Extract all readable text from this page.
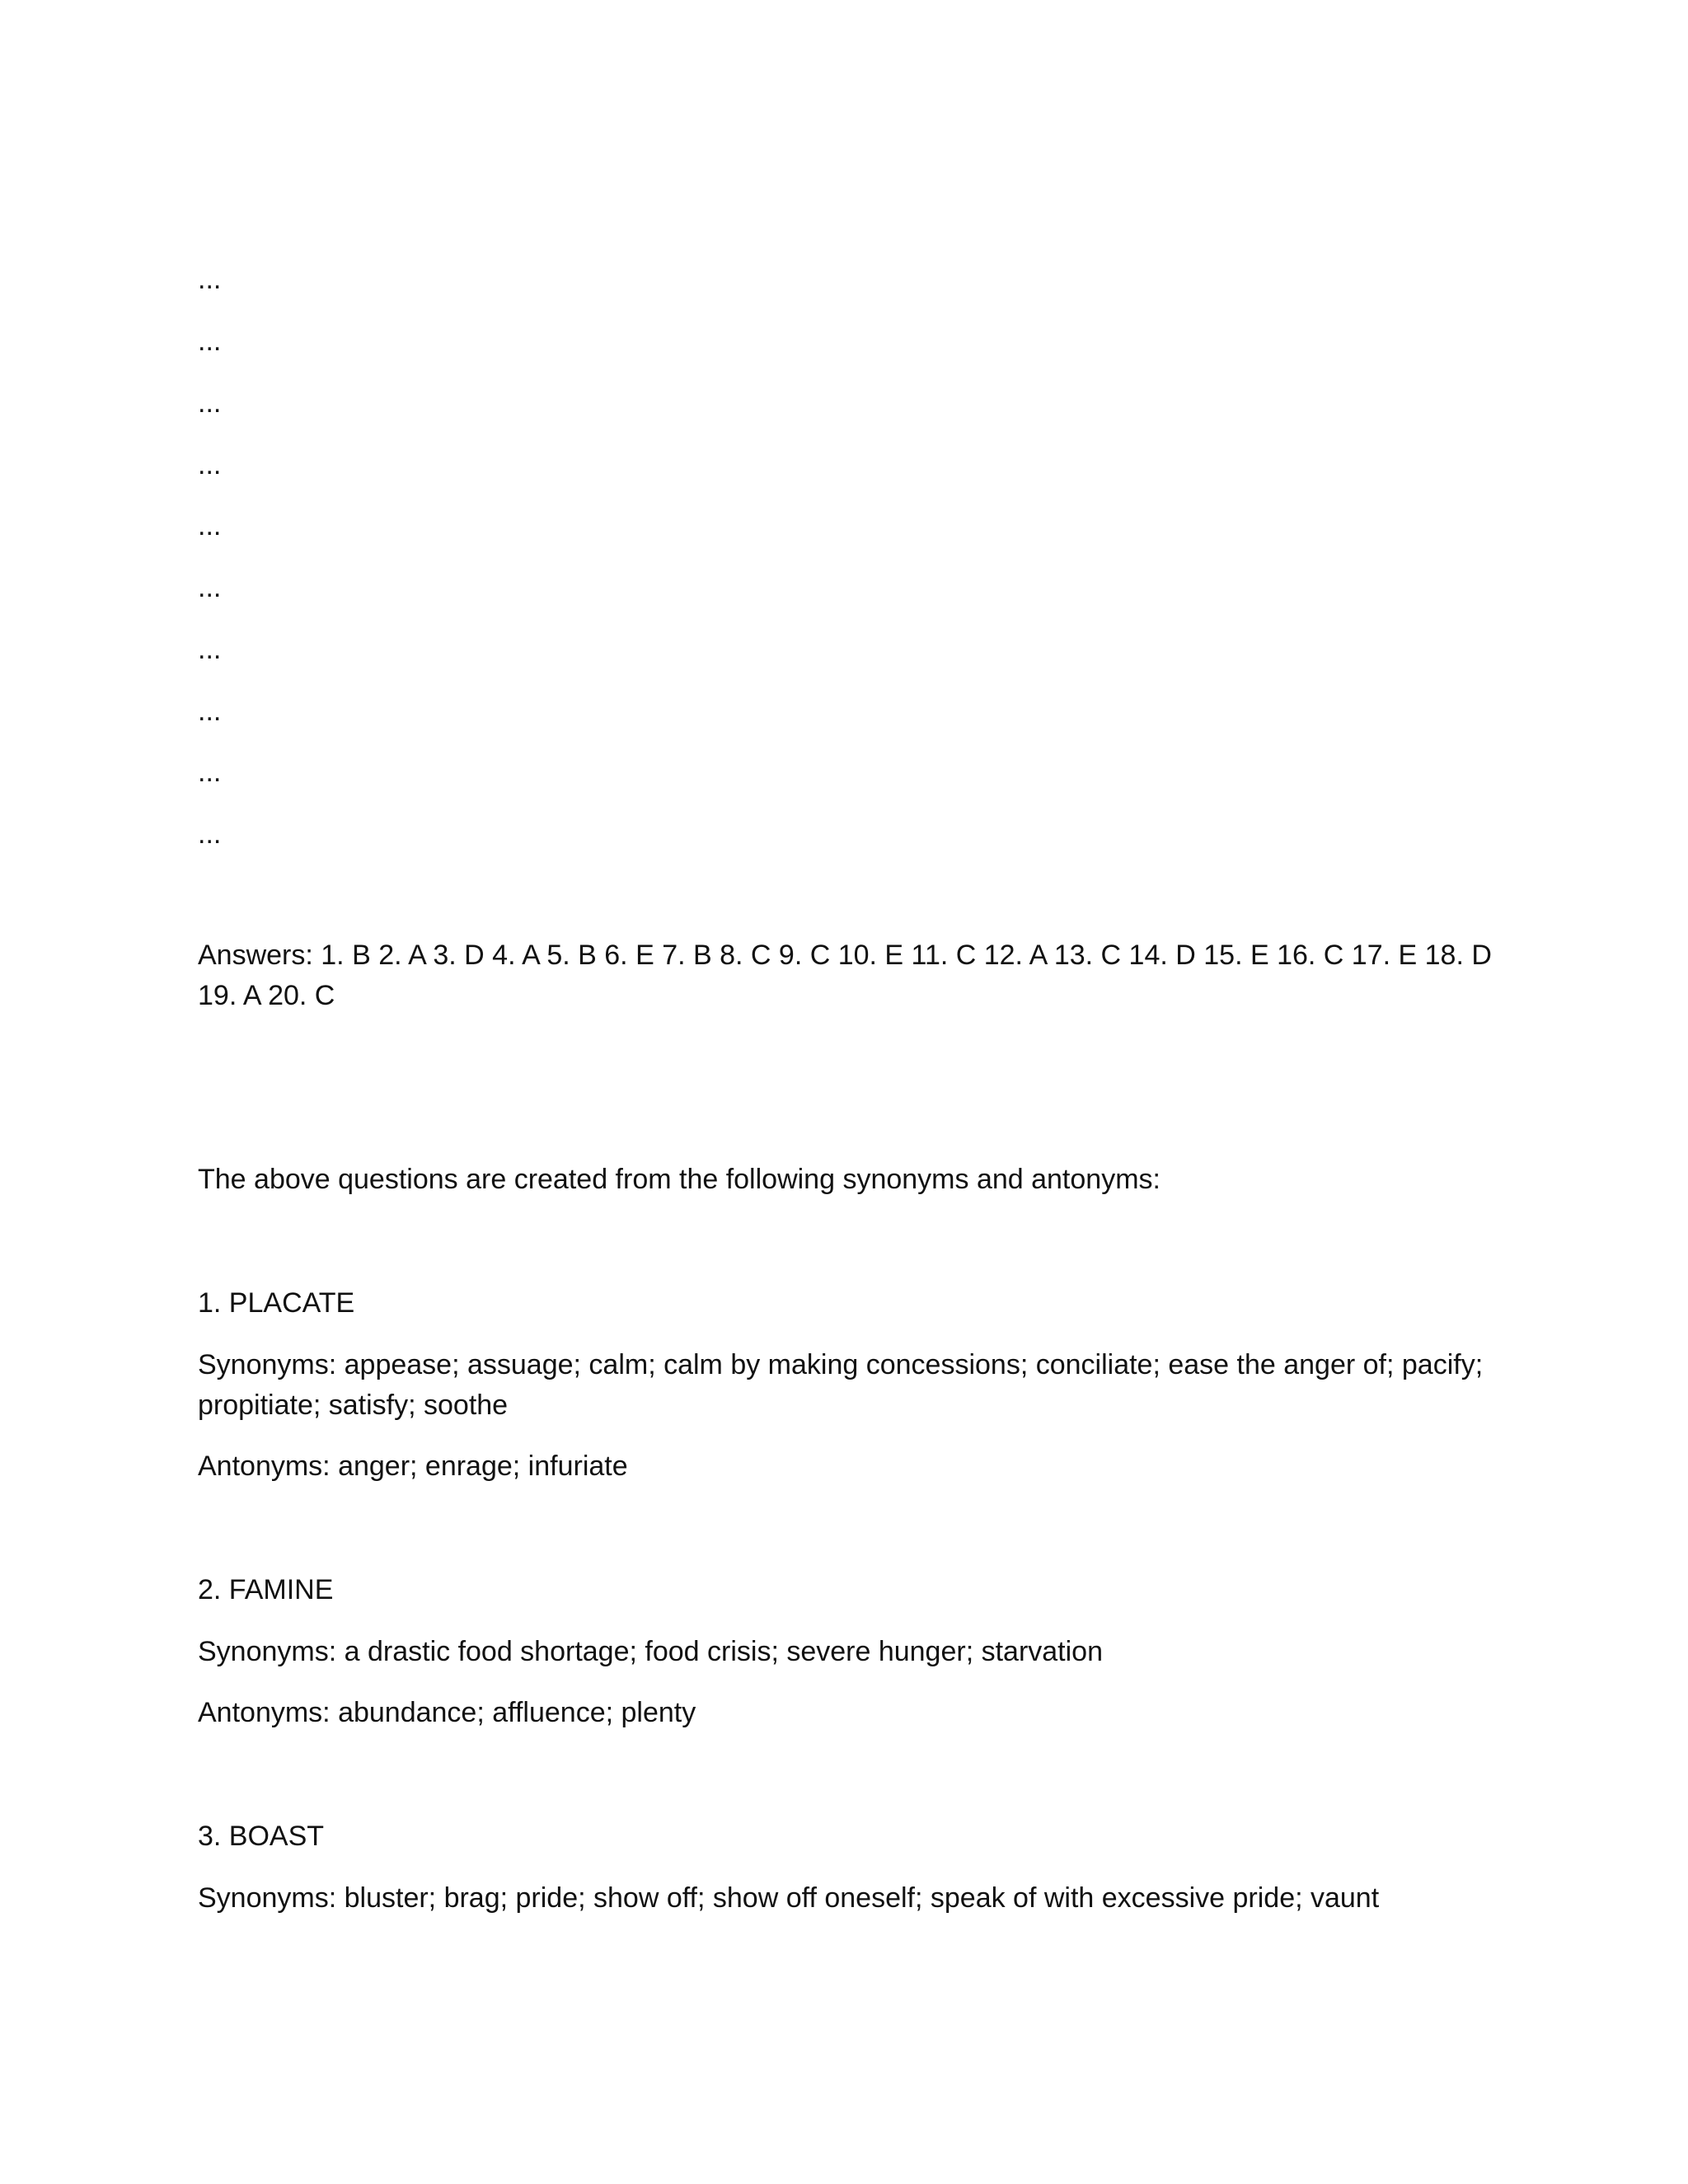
...
...
...
...
...
...
...
...
...
...
Answers: 1. B 2. A 3. D 4. A 5. B 6. E 7. B 8. C 9. C 10. E 11. C 12. A 13. C 14. D 15. E 16. C 17. E 18. D 19. A 20. C
The above questions are created from the following synonyms and antonyms:
1. PLACATE
Synonyms: appease; assuage; calm; calm by making concessions; conciliate; ease the anger of; pacify; propitiate; satisfy; soothe
Antonyms: anger; enrage; infuriate
2. FAMINE
Synonyms: a drastic food shortage; food crisis; severe hunger; starvation
Antonyms: abundance; affluence; plenty
3. BOAST
Synonyms: bluster; brag; pride; show off; show off oneself; speak of with excessive pride; vaunt
